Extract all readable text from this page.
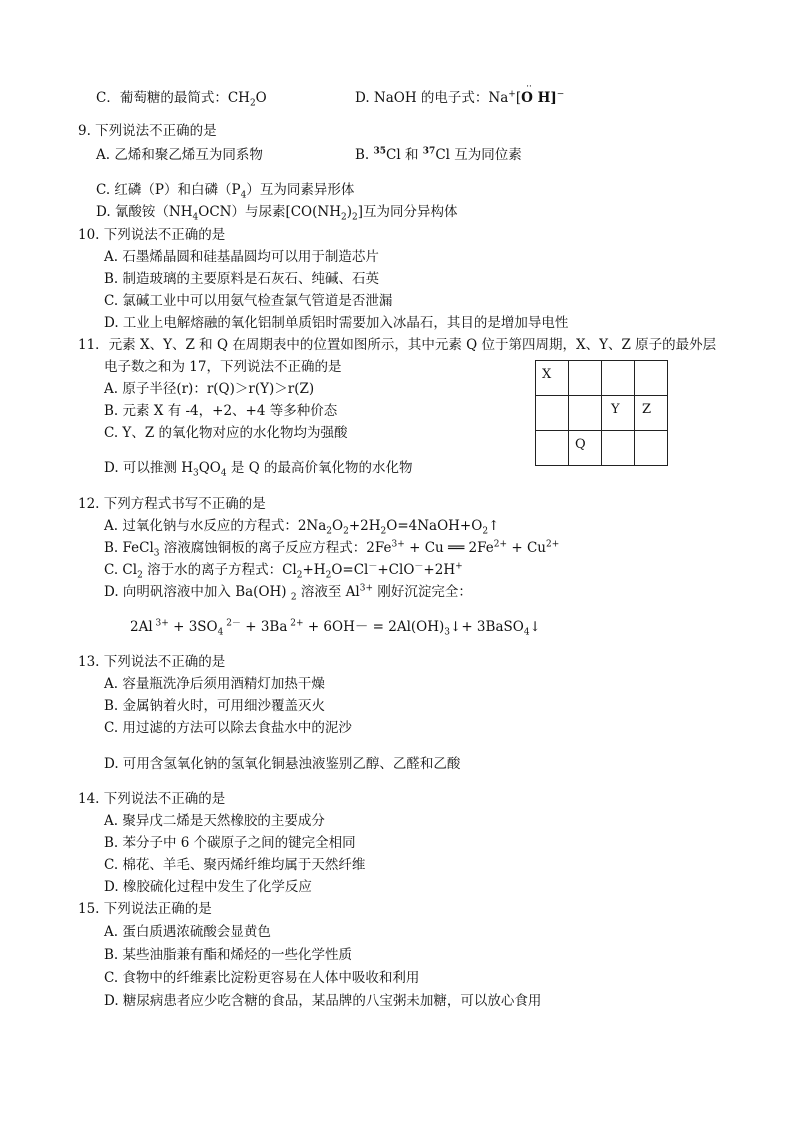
C．葡萄糖的最简式：$CH_2O$	D. NaOH 的电子式：Na+[
··
O H]−
9. 下列说法不正确的是
A. 乙烯和聚乙烯互为同系物	B. $^{35}$Cl 和 $^{37}$Cl 互为同位素
C. 红磷（P）和白磷$(P_4)$互为同素异形体
D. 氰酸铵$(NH_4OCN)$与尿素$[CO(NH_2)_2]$互为同分异构体
10. 下列说法不正确的是
A. 石墨烯晶圆和硅基晶圆均可以用于制造芯片
B. 制造玻璃的主要原料是石灰石、纯碱、石英
C. 氯碱工业中可以用氨气检查氯气管道是否泄漏
D. 工业上电解熔融的氧化铝制单质铝时需要加入冰晶石，其目的是增加导电性
11．元素 X、Y、Z 和 Q 在周期表中的位置如图所示，其中元素 Q 位于第四周期，X、Y、Z 原子的最外层
电子数之和为 17，下列说法不正确的是
A. 原子半径(r)：r(Q)＞r(Y)＞r(Z)
B. 元素 X 有 -4，+2、+4 等多种价态
C. Y、Z 的氧化物对应的水化物均为强酸
D. 可以推测 $H_3QO_4$ 是 Q 的最高价氧化物的水化物
X			

		Y	Z

	Q		

12. 下列方程式书写不正确的是
A. 过氧化钠与水反应的方程式：$2Na_2O_2+2H_2O=4NaOH+O_2↑$
B. FeCl$_3$ 溶液腐蚀铜板的离子反应方程式：$2Fe^{3+} + Cu$ ══ $2Fe^{2+} + Cu^{2+}$
C. $Cl_2$ 溶于水的离子方程式：$Cl_2+H_2O=Cl^-+ClO^-+2H^+$
D. 向明矾溶液中加入 Ba(OH) $_2$ 溶液至 $Al^{3+}$ 刚好沉淀完全：
2Al $^{3+} + 3SO_4$ $^{2-}$ + 3Ba $^{2+} + 6OH- = 2Al(OH)_3↓+$ 3BaSO$_4$↓
13. 下列说法不正确的是
A. 容量瓶洗净后须用酒精灯加热干燥
B. 金属钠着火时，可用细沙覆盖灭火
C. 用过滤的方法可以除去食盐水中的泥沙
D. 可用含氢氧化钠的氢氧化铜悬浊液鉴别乙醇、乙醛和乙酸
14. 下列说法不正确的是
A. 聚异戊二烯是天然橡胶的主要成分
B. 苯分子中 6 个碳原子之间的键完全相同
C. 棉花、羊毛、聚丙烯纤维均属于天然纤维
D. 橡胶硫化过程中发生了化学反应
15. 下列说法正确的是
A. 蛋白质遇浓硫酸会显黄色
B. 某些油脂兼有酯和烯烃的一些化学性质
C. 食物中的纤维素比淀粉更容易在人体中吸收和利用
D. 糖尿病患者应少吃含糖的食品，某品牌的八宝粥未加糖，可以放心食用
